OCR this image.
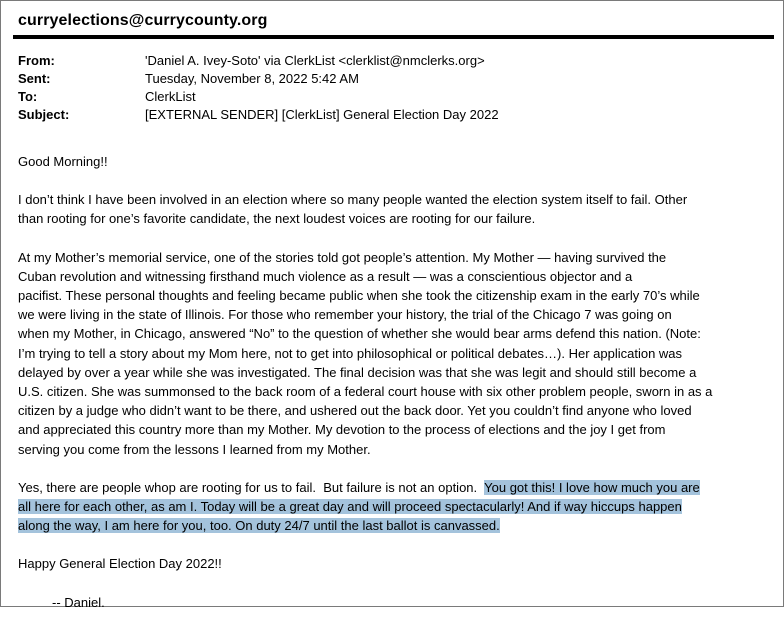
curryelections@currycounty.org
From:	'Daniel A. Ivey-Soto' via ClerkList <clerklist@nmclerks.org>
Sent:	Tuesday, November 8, 2022 5:42 AM
To:	ClerkList
Subject:	[EXTERNAL SENDER] [ClerkList] General Election Day 2022

Good Morning!!

I don’t think I have been involved in an election where so many people wanted the election system itself to fail. Other
than rooting for one’s favorite candidate, the next loudest voices are rooting for our failure.

At my Mother’s memorial service, one of the stories told got people’s attention. My Mother — having survived the
Cuban revolution and witnessing firsthand much violence as a result — was a conscientious objector and a
pacifist. These personal thoughts and feeling became public when she took the citizenship exam in the early 70’s while
we were living in the state of Illinois. For those who remember your history, the trial of the Chicago 7 was going on
when my Mother, in Chicago, answered “No” to the question of whether she would bear arms defend this nation. (Note:
I’m trying to tell a story about my Mom here, not to get into philosophical or political debates…). Her application was
delayed by over a year while she was investigated. The final decision was that she was legit and should still become a
U.S. citizen. She was summonsed to the back room of a federal court house with six other problem people, sworn in as a
citizen by a judge who didn’t want to be there, and ushered out the back door. Yet you couldn’t find anyone who loved
and appreciated this country more than my Mother. My devotion to the process of elections and the joy I get from
serving you come from the lessons I learned from my Mother.

Yes, there are people whop are rooting for us to fail.  But failure is not an option.  You got this! I love how much you are
all here for each other, as am I. Today will be a great day and will proceed spectacularly! And if way hiccups happen
along the way, I am here for you, too. On duty 24/7 until the last ballot is canvassed.

Happy General Election Day 2022!!

-- Daniel.
